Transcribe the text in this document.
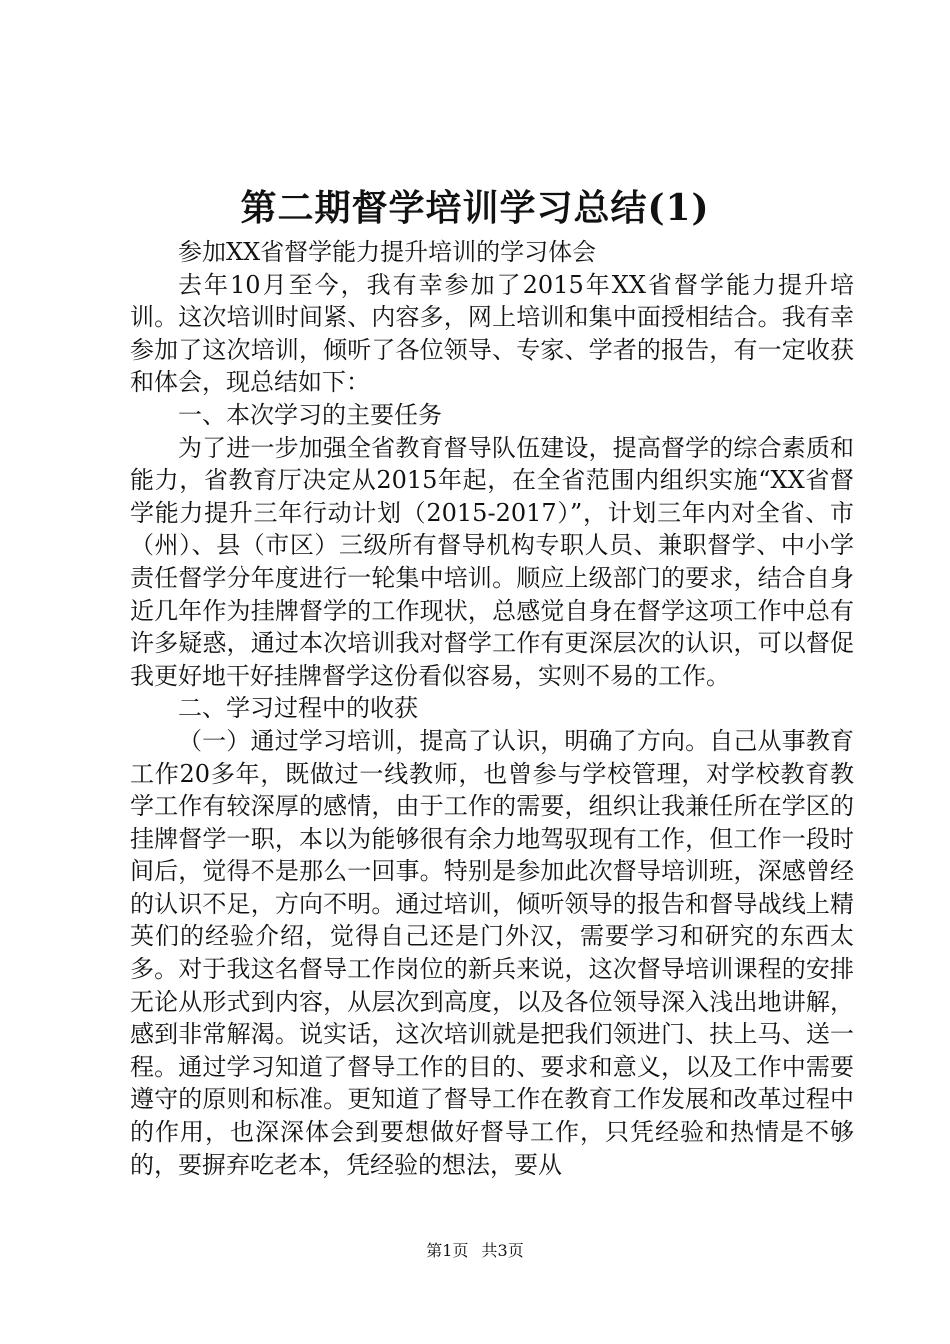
第二期督学培训学习总结(1)

参加XX省督学能力提升培训的学习体会

去年10月至今，我有幸参加了2015年XX省督学能力提升培训。这次培训时间紧、内容多，网上培训和集中面授相结合。我有幸参加了这次培训，倾听了各位领导、专家、学者的报告，有一定收获和体会，现总结如下：

一、本次学习的主要任务

为了进一步加强全省教育督导队伍建设，提高督学的综合素质和能力，省教育厅决定从2015年起，在全省范围内组织实施“XX省督学能力提升三年行动计划（2015-2017）”，计划三年内对全省、市（州）、县（市区）三级所有督导机构专职人员、兼职督学、中小学责任督学分年度进行一轮集中培训。顺应上级部门的要求，结合自身近几年作为挂牌督学的工作现状，总感觉自身在督学这项工作中总有许多疑惑，通过本次培训我对督学工作有更深层次的认识，可以督促我更好地干好挂牌督学这份看似容易，实则不易的工作。

二、学习过程中的收获

（一）通过学习培训，提高了认识，明确了方向。自己从事教育工作20多年，既做过一线教师，也曾参与学校管理，对学校教育教学工作有较深厚的感情，由于工作的需要，组织让我兼任所在学区的挂牌督学一职，本以为能够很有余力地驾驭现有工作，但工作一段时间后，觉得不是那么一回事。特别是参加此次督导培训班，深感曾经的认识不足，方向不明。通过培训，倾听领导的报告和督导战线上精英们的经验介绍，觉得自己还是门外汉，需要学习和研究的东西太多。对于我这名督导工作岗位的新兵来说，这次督导培训课程的安排无论从形式到内容，从层次到高度，以及各位领导深入浅出地讲解，感到非常解渴。说实话，这次培训就是把我们领进门、扶上马、送一程。通过学习知道了督导工作的目的、要求和意义，以及工作中需要遵守的原则和标准。更知道了督导工作在教育工作发展和改革过程中的作用，也深深体会到要想做好督导工作，只凭经验和热情是不够的，要摒弃吃老本，凭经验的想法，要从

第1页 共3页
